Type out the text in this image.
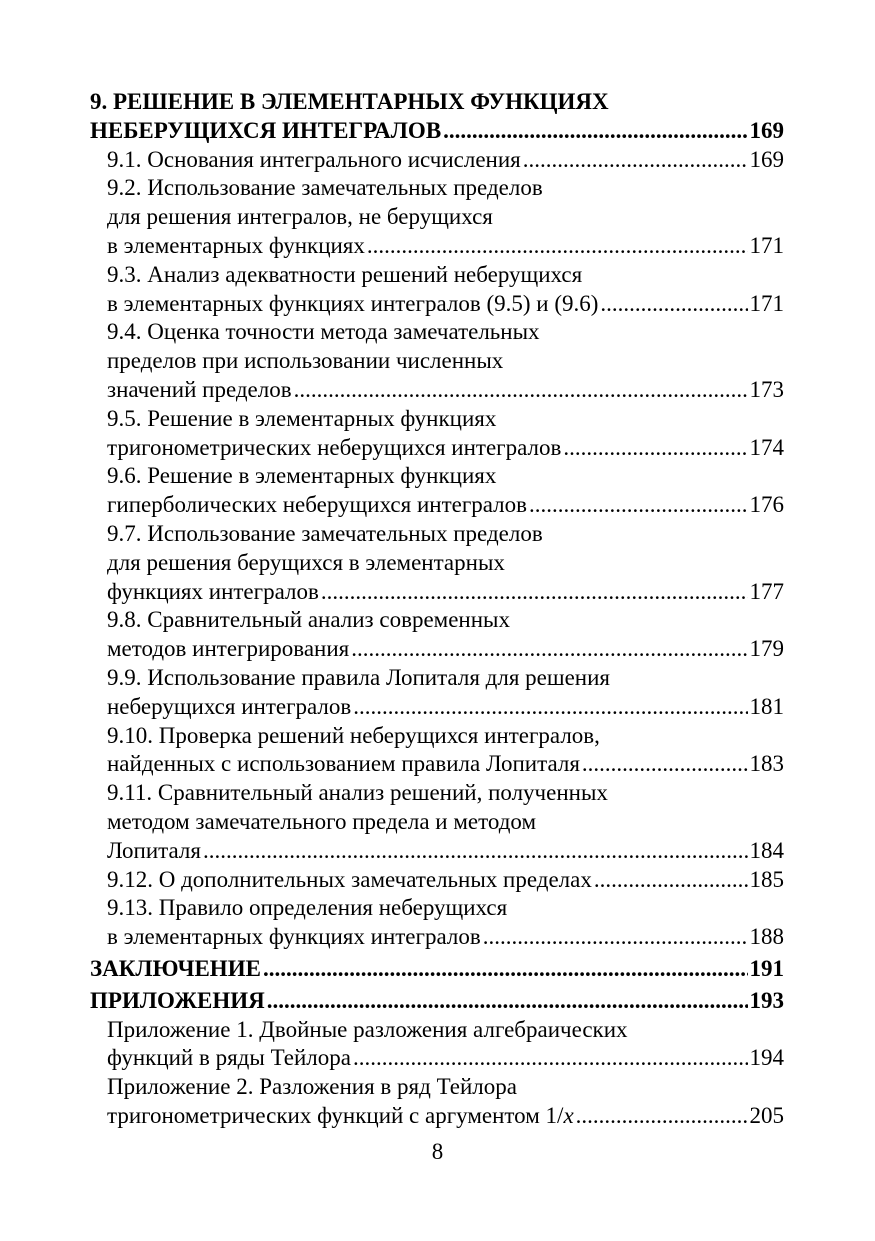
9. РЕШЕНИЕ В ЭЛЕМЕНТАРНЫХ ФУНКЦИЯХ
НЕБЕРУЩИХСЯ ИНТЕГРАЛОВ .....	169
9.1. Основания интегрального исчисления .....	169
9.2. Использование замечательных пределов
для решения интегралов, не берущихся
в элементарных функциях .....	171
9.3. Анализ адекватности решений неберущихся
в элементарных функциях интегралов (9.5) и (9.6) .....	171
9.4. Оценка точности метода замечательных
пределов при использовании численных
значений пределов .....	173
9.5. Решение в элементарных функциях
тригонометрических неберущихся интегралов .....	174
9.6. Решение в элементарных функциях
гиперболических неберущихся интегралов .....	176
9.7. Использование замечательных пределов
для решения берущихся в элементарных
функциях интегралов .....	177
9.8. Сравнительный анализ современных
методов интегрирования .....	179
9.9. Использование правила Лопиталя для решения
неберущихся интегралов .....	181
9.10. Проверка решений неберущихся интегралов,
найденных с использованием правила Лопиталя .....	183
9.11. Сравнительный анализ решений, полученных
методом замечательного предела и методом
Лопиталя .....	184
9.12. О дополнительных замечательных пределах .....	185
9.13. Правило определения неберущихся
в элементарных функциях интегралов .....	188
ЗАКЛЮЧЕНИЕ .....	191
ПРИЛОЖЕНИЯ .....	193
Приложение 1. Двойные разложения алгебраических
функций в ряды Тейлора .....	194
Приложение 2. Разложения в ряд Тейлора
тригонометрических функций с аргументом 1/x .....	205
8
